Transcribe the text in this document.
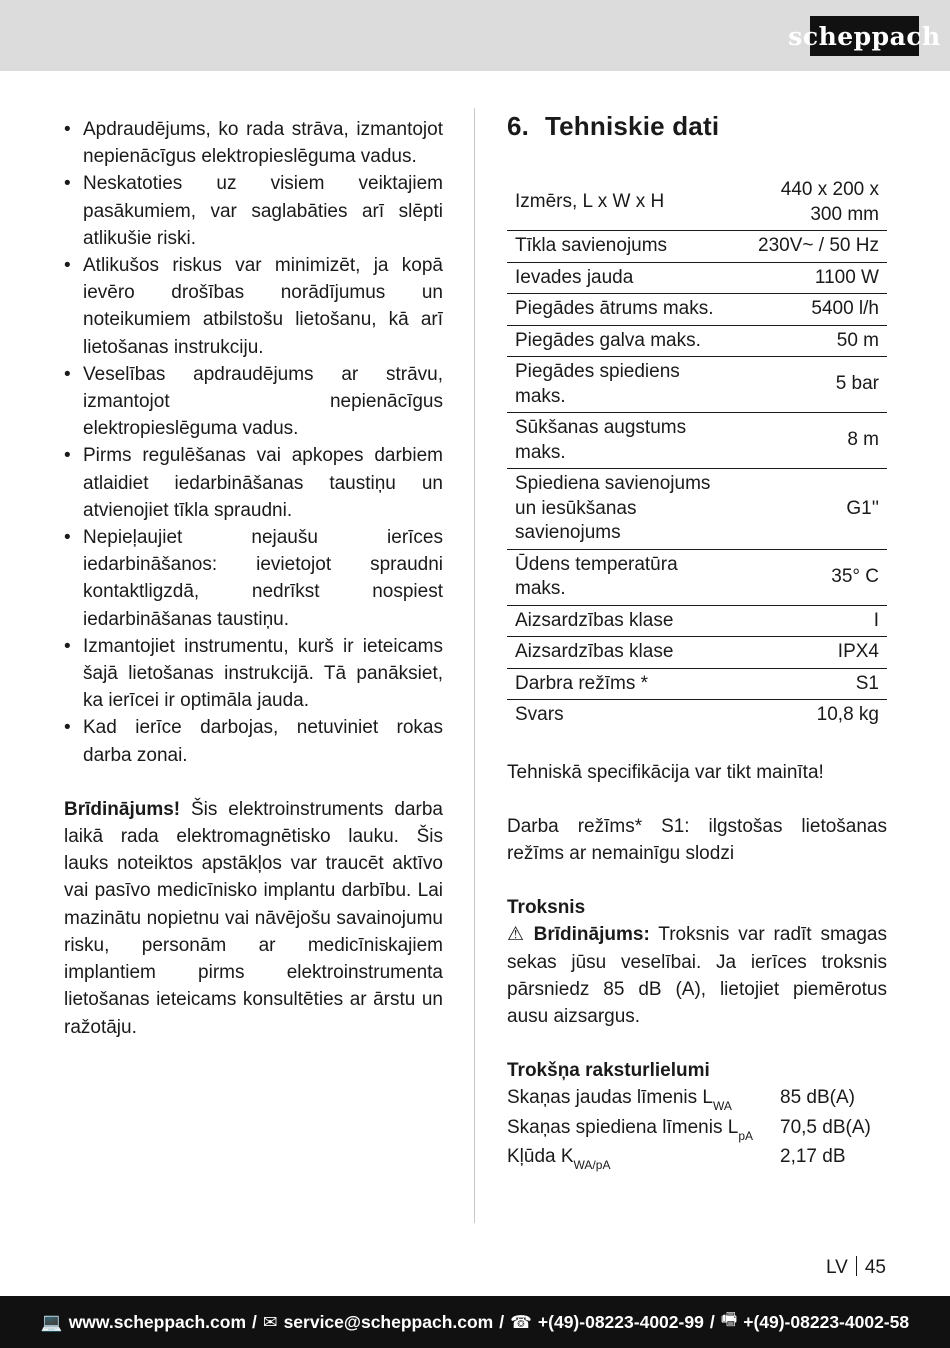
scheppach
• Apdraudējums, ko rada strāva, izmantojot nepienācīgus elektropieslēguma vadus.
• Neskatoties uz visiem veiktajiem pasākumiem, var saglabāties arī slēpti atlikušie riski.
• Atlikušos riskus var minimizēt, ja kopā ievēro drošības norādījumus un noteikumiem atbilstošu lietošanu, kā arī lietošanas instrukciju.
• Veselības apdraudējums ar strāvu, izmantojot nepienācīgus elektropieslēguma vadus.
• Pirms regulēšanas vai apkopes darbiem atlaidiet iedarbināšanas taustiņu un atvienojiet tīkla spraudni.
• Nepieļaujiet nejaušu ierīces iedarbināšanos: ievietojot spraudni kontaktligzdā, nedrīkst nospiest iedarbināšanas taustiņu.
• Izmantojiet instrumentu, kurš ir ieteicams šajā lietošanas instrukcijā. Tā panāksiet, ka ierīcei ir optimāla jauda.
• Kad ierīce darbojas, netuviniet rokas darba zonai.

Brīdinājums! Šis elektroinstruments darba laikā rada elektromagnētisko lauku. Šis lauks noteiktos apstākļos var traucēt aktīvo vai pasīvo medicīnisko implantu darbību. Lai mazinātu nopietnu vai nāvējošu savainojumu risku, personām ar medicīniskajiem implantiem pirms elektroinstrumenta lietošanas ieteicams konsultēties ar ārstu un ražotāju.

6. Tehniskie dati
Izmērs, L x W x H	440 x 200 x 300 mm
Tīkla savienojums	230V~ / 50 Hz
Ievades jauda	1100 W
Piegādes ātrums maks.	5400 l/h
Piegādes galva maks.	50 m
Piegādes spiediens maks.	5 bar
Sūkšanas augstums maks.	8 m
Spiediena savienojums un iesūkšanas savienojums	G1''
Ūdens temperatūra maks.	35° C
Aizsardzības klase	I
Aizsardzības klase	IPX4
Darbra režīms *	S1
Svars	10,8 kg

Tehniskā specifikācija var tikt mainīta!

Darba režīms* S1: ilgstošas lietošanas režīms ar nemainīgu slodzi

Troksnis
⚠ Brīdinājums: Troksnis var radīt smagas sekas jūsu veselībai. Ja ierīces troksnis pārsniedz 85 dB (A), lietojiet piemērotus ausu aizsargus.
Trokšņa raksturlielumi
Skaņas jaudas līmenis $L_{WA}$	85 dB(A)
Skaņas spiediena līmenis $L_{pA}$	70,5 dB(A)
Kļūda $K_{WA/pA}$	2,17 dB
LV 45
💻 www.scheppach.com / ✉ service@scheppach.com / ☎ +(49)-08223-4002-99 / 🖷 +(49)-08223-4002-58
